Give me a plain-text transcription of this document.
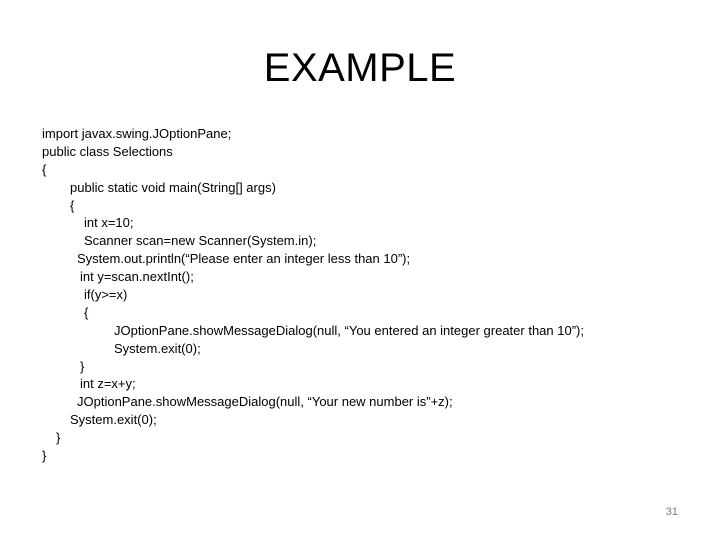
EXAMPLE
import javax.swing.JOptionPane;
public class Selections
{
public static void main(String[] args)
{
int x=10;
Scanner scan=new Scanner(System.in);
System.out.println(“Please enter an integer less than 10”);
int y=scan.nextInt();
if(y>=x)
{
JOptionPane.showMessageDialog(null, “You entered an integer greater than 10”);
System.exit(0);
}
int z=x+y;
JOptionPane.showMessageDialog(null, “Your new number is”+z);
System.exit(0);
}
}
31
